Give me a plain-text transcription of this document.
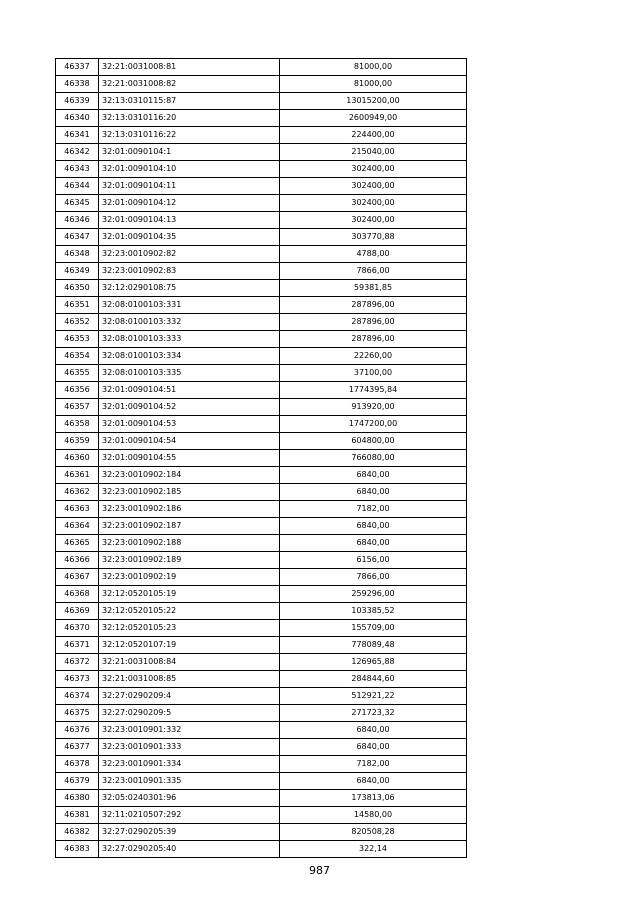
46337	32:21:0031008:81	81000,00
46338	32:21:0031008:82	81000,00
46339	32:13:0310115:87	13015200,00
46340	32:13:0310116:20	2600949,00
46341	32:13:0310116:22	224400,00
46342	32:01:0090104:1	215040,00
46343	32:01:0090104:10	302400,00
46344	32:01:0090104:11	302400,00
46345	32:01:0090104:12	302400,00
46346	32:01:0090104:13	302400,00
46347	32:01:0090104:35	303770,88
46348	32:23:0010902:82	4788,00
46349	32:23:0010902:83	7866,00
46350	32:12:0290108:75	59381,85
46351	32:08:0100103:331	287896,00
46352	32:08:0100103:332	287896,00
46353	32:08:0100103:333	287896,00
46354	32:08:0100103:334	22260,00
46355	32:08:0100103:335	37100,00
46356	32:01:0090104:51	1774395,84
46357	32:01:0090104:52	913920,00
46358	32:01:0090104:53	1747200,00
46359	32:01:0090104:54	604800,00
46360	32:01:0090104:55	766080,00
46361	32:23:0010902:184	6840,00
46362	32:23:0010902:185	6840,00
46363	32:23:0010902:186	7182,00
46364	32:23:0010902:187	6840,00
46365	32:23:0010902:188	6840,00
46366	32:23:0010902:189	6156,00
46367	32:23:0010902:19	7866,00
46368	32:12:0520105:19	259296,00
46369	32:12:0520105:22	103385,52
46370	32:12:0520105:23	155709,00
46371	32:12:0520107:19	778089,48
46372	32:21:0031008:84	126965,88
46373	32:21:0031008:85	284844,60
46374	32:27:0290209:4	512921,22
46375	32:27:0290209:5	271723,32
46376	32:23:0010901:332	6840,00
46377	32:23:0010901:333	6840,00
46378	32:23:0010901:334	7182,00
46379	32:23:0010901:335	6840,00
46380	32:05:0240301:96	173813,06
46381	32:11:0210507:292	14580,00
46382	32:27:0290205:39	820508,28
46383	32:27:0290205:40	322,14
987
